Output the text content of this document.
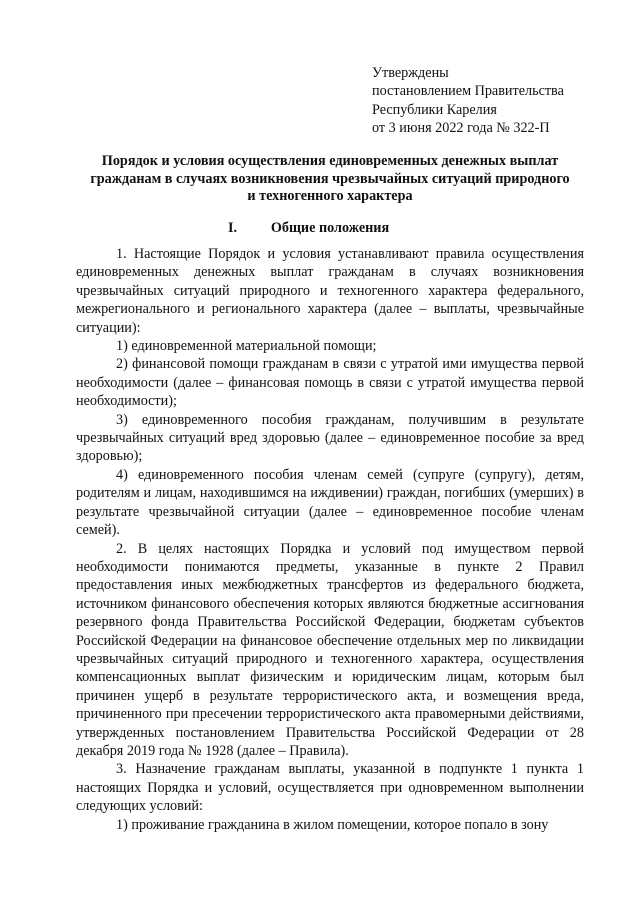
Утверждены
постановлением Правительства
Республики Карелия
от 3 июня 2022 года № 322-П
Порядок и условия осуществления единовременных денежных выплат
гражданам в случаях возникновения чрезвычайных ситуаций природного
и техногенного характера
I. Общие положения

1. Настоящие Порядок и условия устанавливают правила осуществления единовременных денежных выплат гражданам в случаях возникновения чрезвычайных ситуаций природного и техногенного характера федерального, межрегионального и регионального характера (далее – выплаты, чрезвычайные ситуации):

1) единовременной материальной помощи;

2) финансовой помощи гражданам в связи с утратой ими имущества первой необходимости (далее – финансовая помощь в связи с утратой имущества первой необходимости);

3) единовременного пособия гражданам, получившим в результате чрезвычайных ситуаций вред здоровью (далее – единовременное пособие за вред здоровью);

4) единовременного пособия членам семей (супруге (супругу), детям, родителям и лицам, находившимся на иждивении) граждан, погибших (умерших) в результате чрезвычайной ситуации (далее – единовременное пособие членам семей).

2. В целях настоящих Порядка и условий под имуществом первой необходимости понимаются предметы, указанные в пункте 2 Правил предоставления иных межбюджетных трансфертов из федерального бюджета, источником финансового обеспечения которых являются бюджетные ассигнования резервного фонда Правительства Российской Федерации, бюджетам субъектов Российской Федерации на финансовое обеспечение отдельных мер по ликвидации чрезвычайных ситуаций природного и техногенного характера, осуществления компенсационных выплат физическим и юридическим лицам, которым был причинен ущерб в результате террористического акта, и возмещения вреда, причиненного при пресечении террористического акта правомерными действиями, утвержденных постановлением Правительства Российской Федерации от 28 декабря 2019 года № 1928 (далее – Правила).

3. Назначение гражданам выплаты, указанной в подпункте 1 пункта 1 настоящих Порядка и условий, осуществляется при одновременном выполнении следующих условий:

1) проживание гражданина в жилом помещении, которое попало в зону
